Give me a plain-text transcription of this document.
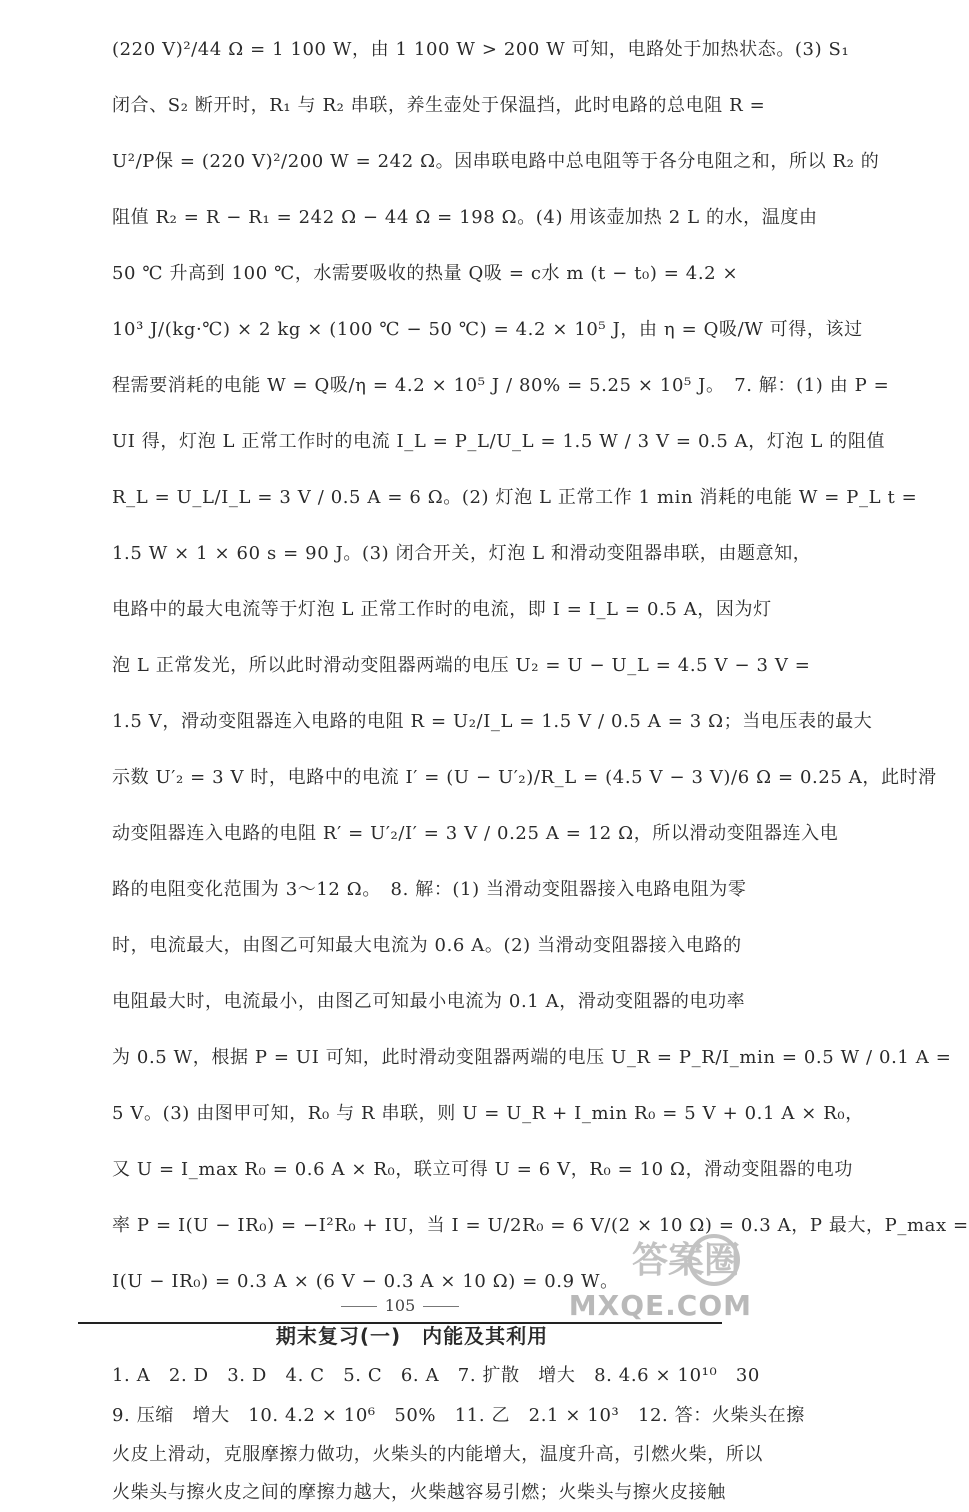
(220 V)²/44 Ω = 1 100 W，由 1 100 W > 200 W 可知，电路处于加热状态。(3) S₁
闭合、S₂ 断开时，R₁ 与 R₂ 串联，养生壶处于保温挡，此时电路的总电阻 R =
U²/P保 = (220 V)²/200 W = 242 Ω。因串联电路中总电阻等于各分电阻之和，所以 R₂ 的
阻值 R₂ = R − R₁ = 242 Ω − 44 Ω = 198 Ω。(4) 用该壶加热 2 L 的水，温度由
50 ℃ 升高到 100 ℃，水需要吸收的热量 Q吸 = c水 m (t − t₀) = 4.2 ×
10³ J/(kg·℃) × 2 kg × (100 ℃ − 50 ℃) = 4.2 × 10⁵ J，由 η = Q吸/W 可得，该过
程需要消耗的电能 W = Q吸/η = 4.2 × 10⁵ J / 80% = 5.25 × 10⁵ J。　7. 解：(1) 由 P =
UI 得，灯泡 L 正常工作时的电流 I_L = P_L/U_L = 1.5 W / 3 V = 0.5 A，灯泡 L 的阻值
R_L = U_L/I_L = 3 V / 0.5 A = 6 Ω。(2) 灯泡 L 正常工作 1 min 消耗的电能 W = P_L t =
1.5 W × 1 × 60 s = 90 J。(3) 闭合开关，灯泡 L 和滑动变阻器串联，由题意知，
电路中的最大电流等于灯泡 L 正常工作时的电流，即 I = I_L = 0.5 A，因为灯
泡 L 正常发光，所以此时滑动变阻器两端的电压 U₂ = U − U_L = 4.5 V − 3 V =
1.5 V，滑动变阻器连入电路的电阻 R = U₂/I_L = 1.5 V / 0.5 A = 3 Ω；当电压表的最大
示数 U′₂ = 3 V 时，电路中的电流 I′ = (U − U′₂)/R_L = (4.5 V − 3 V)/6 Ω = 0.25 A，此时滑
动变阻器连入电路的电阻 R′ = U′₂/I′ = 3 V / 0.25 A = 12 Ω，所以滑动变阻器连入电
路的电阻变化范围为 3～12 Ω。　8. 解：(1) 当滑动变阻器接入电路电阻为零
时，电流最大，由图乙可知最大电流为 0.6 A。(2) 当滑动变阻器接入电路的
电阻最大时，电流最小，由图乙可知最小电流为 0.1 A，滑动变阻器的电功率
为 0.5 W，根据 P = UI 可知，此时滑动变阻器两端的电压 U_R = P_R/I_min = 0.5 W / 0.1 A =
5 V。(3) 由图甲可知，R₀ 与 R 串联，则 U = U_R + I_min R₀ = 5 V + 0.1 A × R₀，
又 U = I_max R₀ = 0.6 A × R₀，联立可得 U = 6 V，R₀ = 10 Ω，滑动变阻器的电功
率 P = I(U − IR₀) = −I²R₀ + IU，当 I = U/2R₀ = 6 V/(2 × 10 Ω) = 0.3 A，P 最大，P_max =
I(U − IR₀) = 0.3 A × (6 V − 0.3 A × 10 Ω) = 0.9 W。
期末复习(一)　内能及其利用
1. A　2. D　3. D　4. C　5. C　6. A　7. 扩散　增大　8. 4.6 × 10¹⁰　30
9. 压缩　增大　10. 4.2 × 10⁶　50%　11. 乙　2.1 × 10³　12. 答：火柴头在擦
火皮上滑动，克服摩擦力做功，火柴头的内能增大，温度升高，引燃火柴，所以
火柴头与擦火皮之间的摩擦力越大，火柴越容易引燃；火柴头与擦火皮接触
105
答案圈
MXQE.COM
